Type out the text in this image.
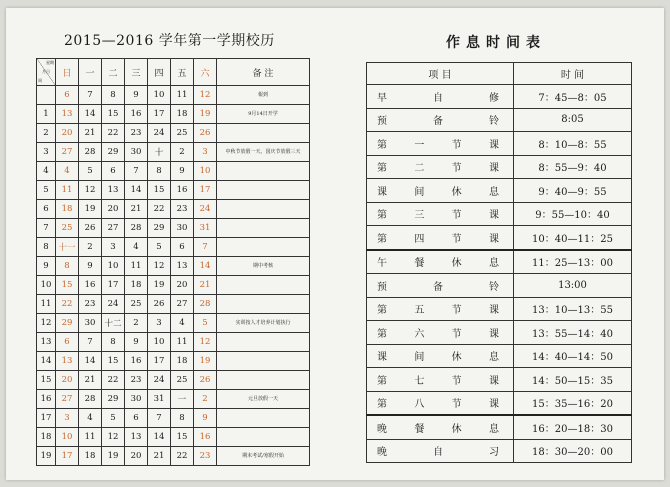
2015—2016 学年第一学期校历	作息时间表
星期
月日
周	日	一	二	三	四	五	六	备 注
	6	7	8	9	10	11	12	報到
1	13	14	15	16	17	18	19	9月14日开学
2	20	21	22	23	24	25	26	
3	27	28	29	30	十	2	3	中秋节放假一天、国庆节放假三天
4	4	5	6	7	8	9	10	
5	11	12	13	14	15	16	17	
6	18	19	20	21	22	23	24	
7	25	26	27	28	29	30	31	
8	十一	2	3	4	5	6	7	
9	8	9	10	11	12	13	14	期中考核
10	15	16	17	18	19	20	21	
11	22	23	24	25	26	27	28	
12	29	30	十二	2	3	4	5	实训按人才培养计划执行
13	6	7	8	9	10	11	12	
14	13	14	15	16	17	18	19	
15	20	21	22	23	24	25	26	
16	27	28	29	30	31	一	2	元旦放假一天
17	3	4	5	6	7	8	9	
18	10	11	12	13	14	15	16	
19	17	18	19	20	21	22	23	期末考试/寒假开始
项 目	时 间

早 自 修	7：45—8：05

预 备 铃	8:05

第 一 节 课	8：10—8：55

第 二 节 课	8：55—9：40

课 间 休 息	9：40—9：55

第 三 节 课	9：55—10：40

第 四 节 课	10：40—11：25

午 餐 休 息	11：25—13：00

预 备 铃	13:00

第 五 节 课	13：10—13：55

第 六 节 课	13：55—14：40

课 间 休 息	14：40—14：50

第 七 节 课	14：50—15：35

第 八 节 课	15：35—16：20

晚 餐 休 息	16：20—18：30

晚 自 习	18：30—20：00
